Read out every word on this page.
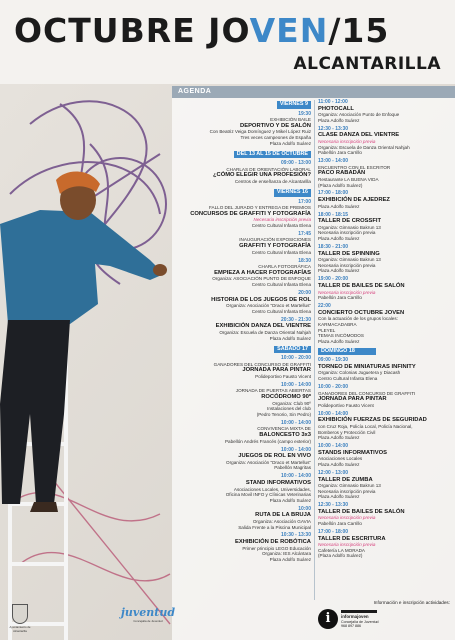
OCTUBRE JOVEN/15
ALCANTARILLA
AGENDA
VIERNES 9
19:30
EXHIBICIÓN BAILE
DEPORTIVO Y DE SALÓN
Con Beatriz Veiga Domínguez y Mikel López Ruiz
Tres veces campeones de España
Plaza Adolfo Suárez
DEL 13 AL 15 DE OCTUBRE
09:00 - 13:00
CHARLAS DE ORIENTACIÓN LABORAL
¿CÓMO ELEGIR UNA PROFESIÓN?
Centros de enseñanza de Alcantarilla
VIERNES 16
17:00
FALLO DEL JURADO Y ENTREGA DE PREMIOS
CONCURSOS DE GRAFFITI Y FOTOGRAFÍA
Necesaria inscripción previa
Centro Cultural Infanta Elena
17:45
INAUGURACIÓN EXPOSICIONES
GRAFFITI Y FOTOGRAFÍA
Centro Cultural Infanta Elena
18:30
CHARLA FOTOGRÁFICA
EMPIEZA A HACER FOTOGRAFÍAS
Organiza: ASOCIACIÓN PUNTO DE ENFOQUE
Centro Cultural Infanta Elena
20:00
HISTORIA DE LOS JUEGOS DE ROL
Organiza: Asociación "Draco et Martellus"
Centro Cultural Infanta Elena
20:30 - 21:30
EXHIBICIÓN DANZA DEL VIENTRE
Organiza: Escuela de Danza Oriental Nahjah
Plaza Adolfo Suárez
SÁBADO 17
10:00 - 20:00
GANADORES DEL CONCURSO DE GRAFFITI
JORNADA PARA PINTAR
Polideportivo Fausto Vicent
10:00 - 14:00
JORNADA DE PUERTAS ABIERTAS
ROCÓDROMO 90º
Organiza: Club 90º
Instalaciones del club
(Pedro Tenorio, Sin Pedro)
10:00 - 14:00
CONVIVENCIA MIXTA DE
BALONCESTO 3x3
Pabellón Andrés Francés (campo exterior)
10:00 - 14:00
JUEGOS DE ROL EN VIVO
Organiza: Asociación "Draco et Martellus"
Pabellón Magritas
10:00 - 14:00
STAND INFORMATIVOS
Asociaciones Locales, Universidades,
Oficina Movil INFO y Clínicas Veterinarias
Plaza Adolfo Suárez
10:00
RUTA DE LA BRUJA
Organiza: Asociación GAVIA
Salida Frente a la Piscina Municipal
10:30 - 13:30
EXHIBICIÓN DE ROBÓTICA
Primer principio LEGO Educación
Organiza: IES Alcántara
Plaza Adolfo Suárez
11:00 - 12:00
PHOTOCALL
Organiza: Asociación Punto de Enfoque
Plaza Adolfo Suárez
12:30 - 13:30
CLASE DANZA DEL VIENTRE
Necesaria inscripción previa
Organiza: Escuela de Danza Oriental Nahjah
Pabellón Jara Carrillo
13:00 - 14:00
ENCUENTRO CON EL ESCRITOR
PACO RABADÁN
Restaurante LA BUENA VIDA
(Plaza Adolfo Suárez)
17:00 - 18:00
EXHIBICIÓN DE AJEDREZ
Plaza Adolfo Suárez
18:00 - 18:15
TALLER DE CROSSFIT
Organiza: Gimnasio Bakrun 13
Necesaria inscripción previa
Plaza Adolfo Suárez
18:30 - 21:00
TALLER DE SPINNING
Organiza: Gimnasio Bakrun 13
Necesaria inscripción previa
Plaza Adolfo Suárez
19:00 - 20:00
TALLER DE BAILES DE SALÓN
Necesaria inscripción previa
Pabellón Jara Carrillo
22:00
CONCIERTO OCTUBRE JOVEN
Con la actuación de los grupos locales:
KARMACADABRA
PLEYEL
TEMAS INCÓMODOS
Plaza Adolfo Suárez
DOMINGO 18
09:00 - 19:30
TORNEO DE MINIATURAS INFINITY
Organiza: Colonias Juguetera y Diacash
Centro Cultural Infanta Elena
10:00 - 20:00
GANADORES DEL CONCURSO DE GRAFFITI
JORNADA PARA PINTAR
Polideportivo Fausto Vicent
10:00 - 14:00
EXHIBICIÓN FUERZAS DE SEGURIDAD
con Cruz Roja, Policía Local, Policía Nacional,
Bomberos y Protección Civil
Plaza Adolfo Suárez
10:00 - 14:00
STANDS INFORMATIVOS
Asociaciones Locales
Plaza Adolfo Suárez
12:00 - 13:00
TALLER DE ZUMBA
Organiza: Gimnasio Bakrun 13
Necesaria inscripción previa
Plaza Adolfo Suárez
12:30 - 13:30
TALLER DE BAILES DE SALÓN
Necesaria inscripción previa
Pabellón Jara Carrillo
17:00 - 18:00
TALLER DE ESCRITURA
Necesaria inscripción previa
Cafetería LA MORADA
(Plaza Adolfo Suárez)
Ayuntamiento de Alcantarilla
juventud
Concejalía de Juventud
Información e inscripción actividades:
i	informajoven
Concejalía de Juventud
968 897 886
